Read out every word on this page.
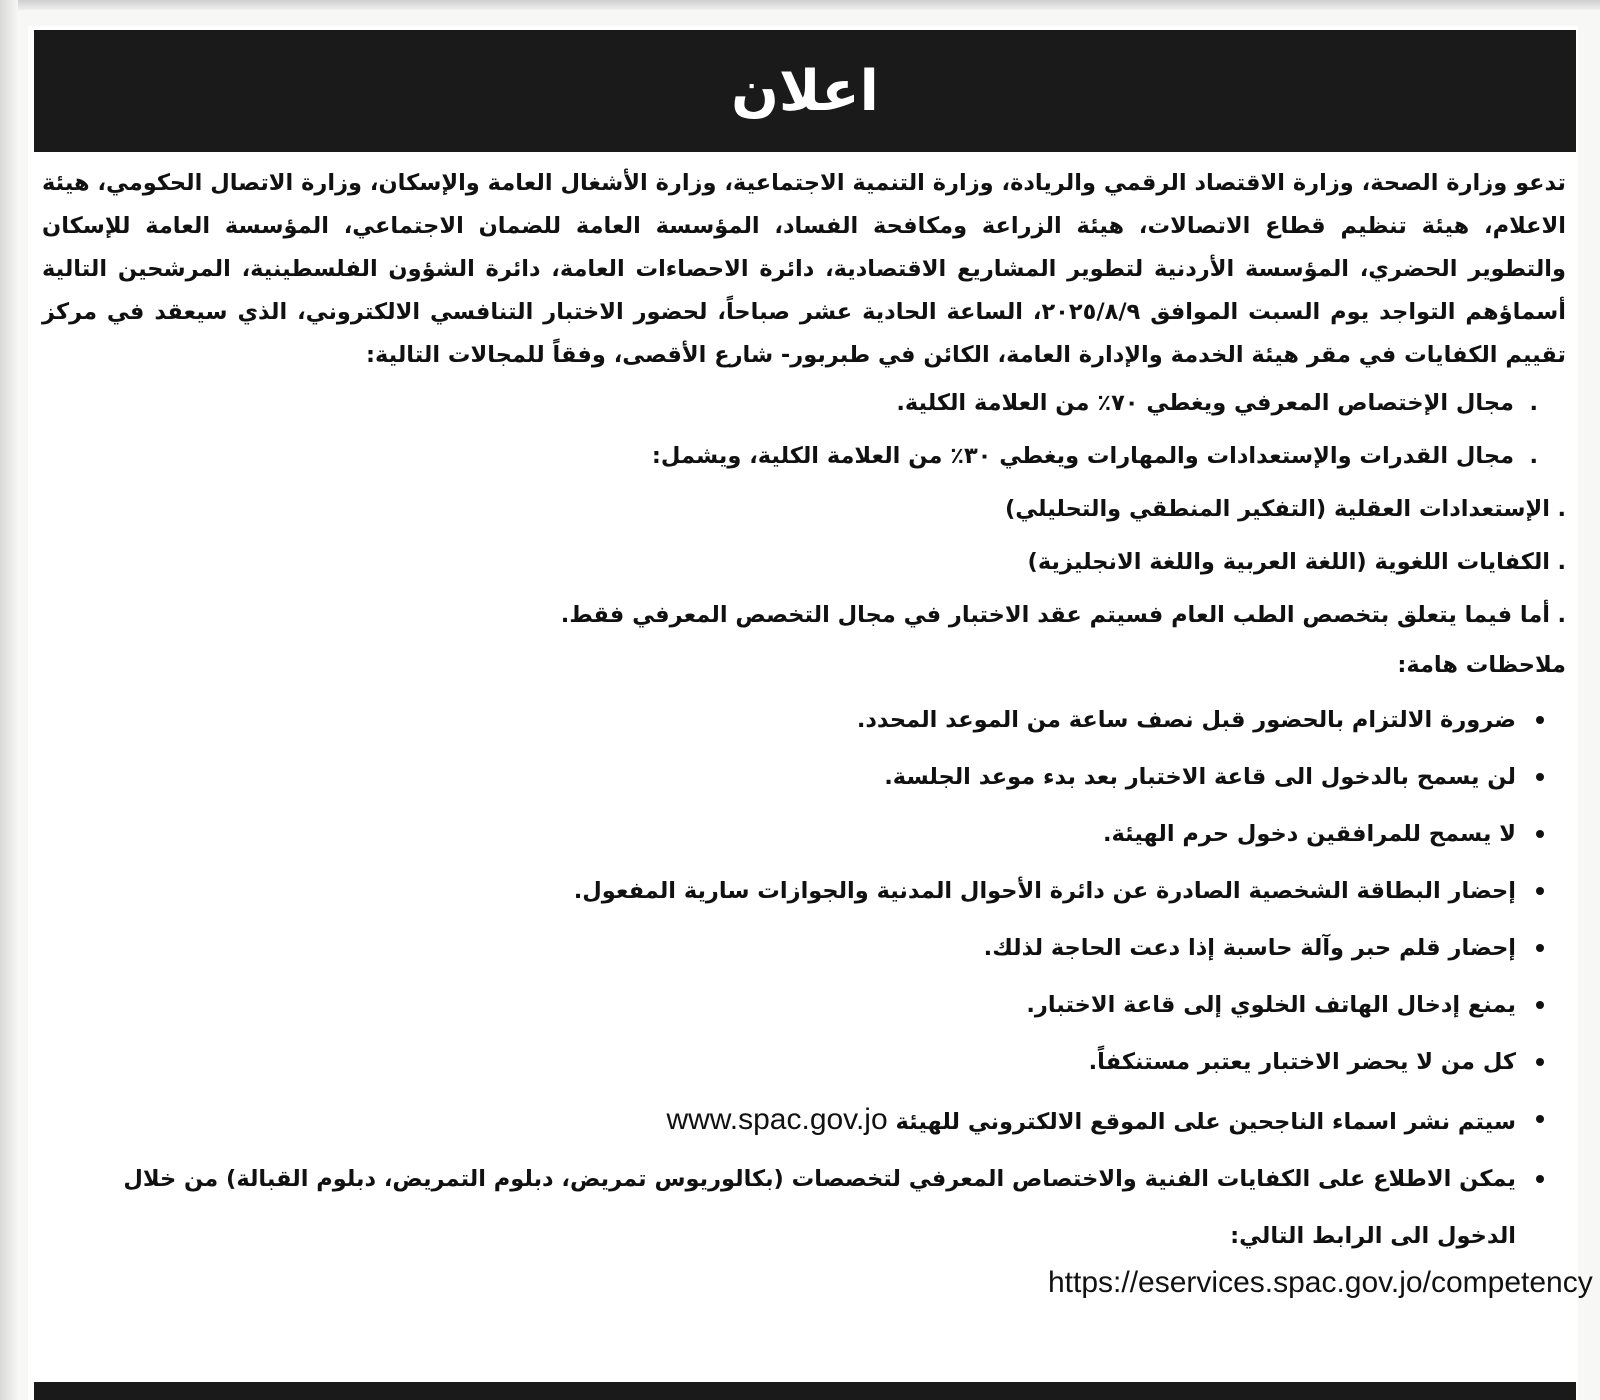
اعلان

تدعو وزارة الصحة، وزارة الاقتصاد الرقمي والريادة، وزارة التنمية الاجتماعية، وزارة الأشغال العامة والإسكان، وزارة الاتصال الحكومي، هيئة الاعلام، هيئة تنظيم قطاع الاتصالات، هيئة الزراعة ومكافحة الفساد، المؤسسة العامة للضمان الاجتماعي، المؤسسة العامة للإسكان والتطوير الحضري، المؤسسة الأردنية لتطوير المشاريع الاقتصادية، دائرة الاحصاءات العامة، دائرة الشؤون الفلسطينية، المرشحين التالية أسماؤهم التواجد يوم السبت الموافق ٢٠٢٥/٨/٩، الساعة الحادية عشر صباحاً، لحضور الاختبار التنافسي الالكتروني، الذي سيعقد في مركز تقييم الكفايات في مقر هيئة الخدمة والإدارة العامة، الكائن في طبربور- شارع الأقصى، وفقاً للمجالات التالية:

.
مجال الإختصاص المعرفي ويغطي ٧٠٪ من العلامة الكلية.
.
مجال القدرات والإستعدادات والمهارات ويغطي ٣٠٪ من العلامة الكلية، ويشمل:
.
الإستعدادات العقلية (التفكير المنطقي والتحليلي)
.
الكفايات اللغوية (اللغة العربية واللغة الانجليزية)
.
أما فيما يتعلق بتخصص الطب العام فسيتم عقد الاختبار في مجال التخصص المعرفي فقط.

ملاحظات هامة:

ضرورة الالتزام بالحضور قبل نصف ساعة من الموعد المحدد.
لن يسمح بالدخول الى قاعة الاختبار بعد بدء موعد الجلسة.
لا يسمح للمرافقين دخول حرم الهيئة.
إحضار البطاقة الشخصية الصادرة عن دائرة الأحوال المدنية والجوازات سارية المفعول.
إحضار قلم حبر وآلة حاسبة إذا دعت الحاجة لذلك.
يمنع إدخال الهاتف الخلوي إلى قاعة الاختبار.
كل من لا يحضر الاختبار يعتبر مستنكفاً.
سيتم نشر اسماء الناجحين على الموقع الالكتروني للهيئة www.spac.gov.jo
يمكن الاطلاع على الكفايات الفنية والاختصاص المعرفي لتخصصات (بكالوريوس تمريض، دبلوم التمريض، دبلوم القبالة) من خلال الدخول الى الرابط التالي:
https://eservices.spac.gov.jo/competency
